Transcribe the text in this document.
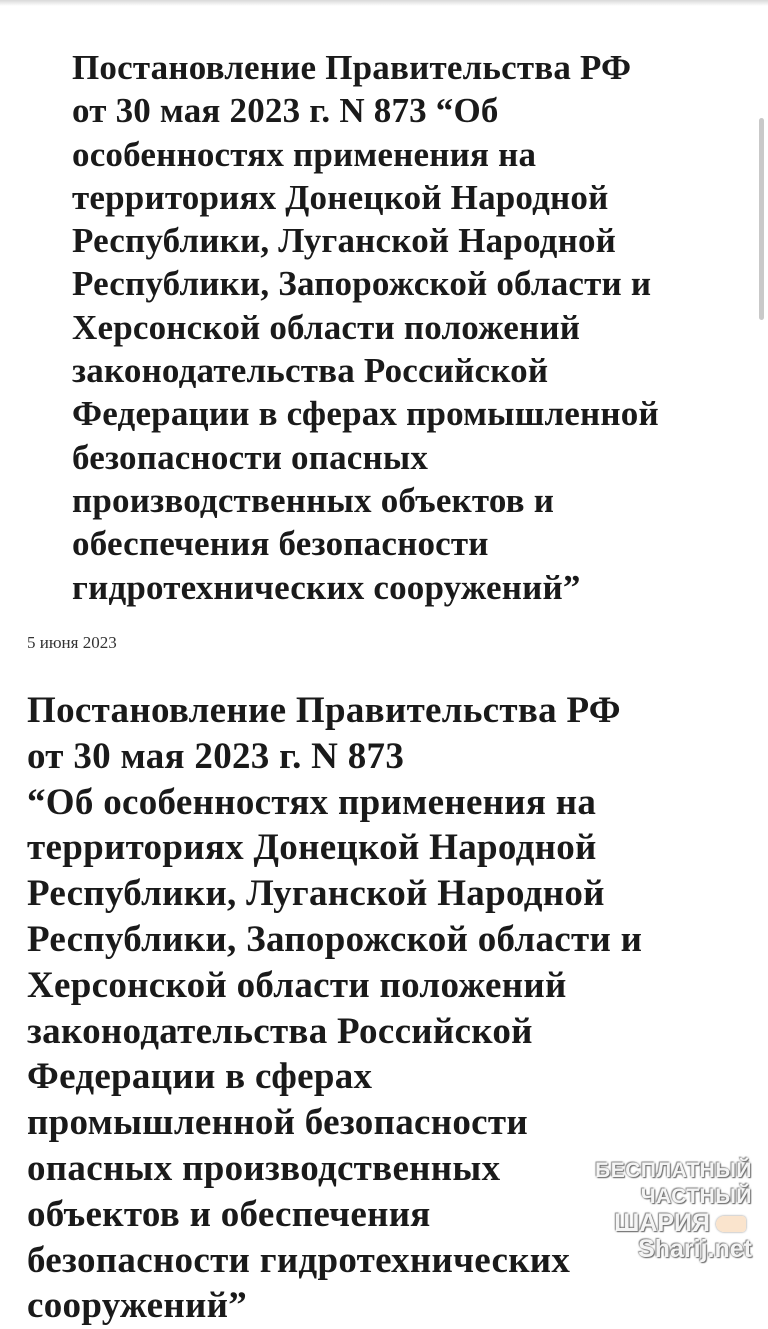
Постановление Правительства РФ
от 30 мая 2023 г. N 873 “Об
особенностях применения на
территориях Донецкой Народной
Республики, Луганской Народной
Республики, Запорожской области и
Херсонской области положений
законодательства Российской
Федерации в сферах промышленной
безопасности опасных
производственных объектов и
обеспечения безопасности
гидротехнических сооружений”

5 июня 2023

Постановление Правительства РФ
от 30 мая 2023 г. N 873
“Об особенностях применения на
территориях Донецкой Народной
Республики, Луганской Народной
Республики, Запорожской области и
Херсонской области положений
законодательства Российской
Федерации в сферах
промышленной безопасности
опасных производственных
объектов и обеспечения
безопасности гидротехнических
сооружений”
БЕСПЛАТНЫЙ ЧАСТНЫЙ
ШАРИЯSharij.net
